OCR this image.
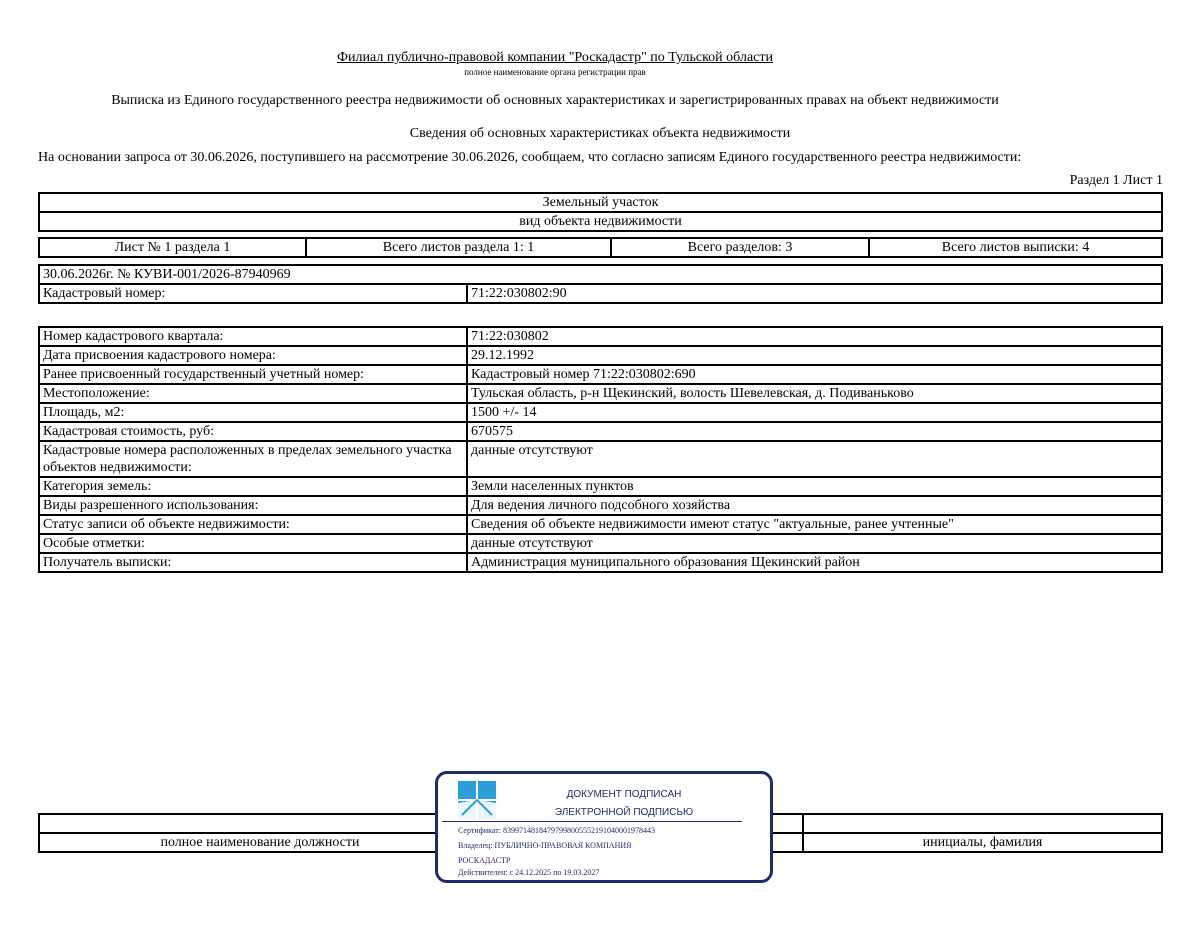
Филиал публично-правовой компании "Роскадастр" по Тульской области
полное наименование органа регистрации прав
Выписка из Единого государственного реестра недвижимости об основных характеристиках и зарегистрированных правах на объект недвижимости
Сведения об основных характеристиках объекта недвижимости
На основании запроса от 30.06.2026, поступившего на рассмотрение 30.06.2026, сообщаем, что согласно записям Единого государственного реестра недвижимости:
Раздел 1 Лист 1
Земельный участок
вид объекта недвижимости
Лист № 1 раздела 1	Всего листов раздела 1: 1	Всего разделов: 3	Всего листов выписки: 4
30.06.2026г. № КУВИ-001/2026-87940969
Кадастровый номер:	71:22:030802:90
Номер кадастрового квартала:	71:22:030802
Дата присвоения кадастрового номера:	29.12.1992
Ранее присвоенный государственный учетный номер:	Кадастровый номер 71:22:030802:690
Местоположение:	Тульская область, р-н Щекинский, волость Шевелевская, д. Подиваньково
Площадь, м2:	1500 +/- 14
Кадастровая стоимость, руб:	670575
Кадастровые номера расположенных в пределах земельного участка объектов недвижимости:	данные отсутствуют
Категория земель:	Земли населенных пунктов
Виды разрешенного использования:	Для ведения личного подсобного хозяйства
Статус записи об объекте недвижимости:	Сведения об объекте недвижимости имеют статус "актуальные, ранее учтенные"
Особые отметки:	данные отсутствуют
Получатель выписки:	Администрация муниципального образования Щекинский район

полное наименование должности		инициалы, фамилия
ДОКУМЕНТ ПОДПИСАН
ЭЛЕКТРОННОЙ ПОДПИСЬЮ
Сертификат: 83997148184797998005552191040001978443
Владелец: ПУБЛИЧНО-ПРАВОВАЯ КОМПАНИЯ
РОСКАДАСТР
Действителен: с 24.12.2025 по 19.03.2027
